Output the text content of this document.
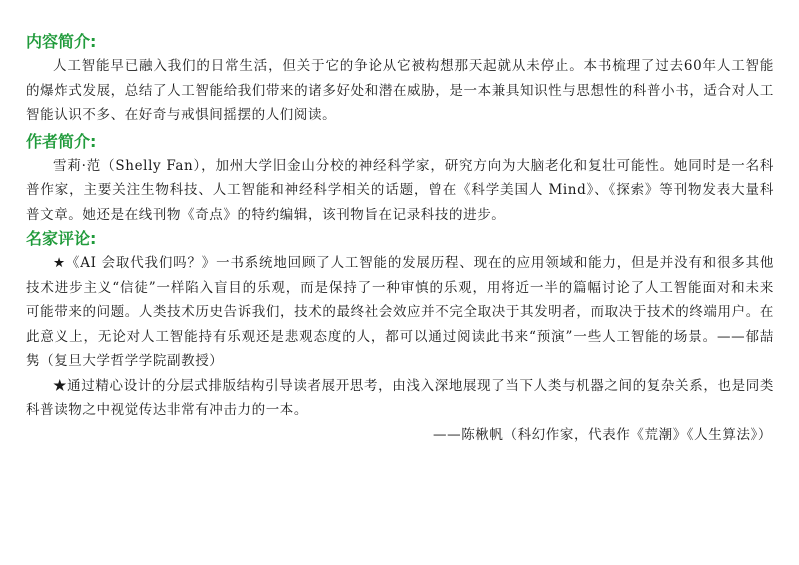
内容简介:

人工智能早已融入我们的日常生活，但关于它的争论从它被构想那天起就从未停止。本书梳理了过去60年人工智能的爆炸式发展，总结了人工智能给我们带来的诸多好处和潜在威胁，是一本兼具知识性与思想性的科普小书，适合对人工智能认识不多、在好奇与戒惧间摇摆的人们阅读。

作者简介:

雪莉·范（Shelly Fan），加州大学旧金山分校的神经科学家，研究方向为大脑老化和复壮可能性。她同时是一名科普作家，主要关注生物科技、人工智能和神经科学相关的话题，曾在《科学美国人 Mind》、《探索》等刊物发表大量科普文章。她还是在线刊物《奇点》的特约编辑，该刊物旨在记录科技的进步。

名家评论:

★《AI 会取代我们吗？》一书系统地回顾了人工智能的发展历程、现在的应用领域和能力，但是并没有和很多其他技术进步主义“信徒”一样陷入盲目的乐观，而是保持了一种审慎的乐观，用将近一半的篇幅讨论了人工智能面对和未来可能带来的问题。人类技术历史告诉我们，技术的最终社会效应并不完全取决于其发明者，而取决于技术的终端用户。在此意义上，无论对人工智能持有乐观还是悲观态度的人，都可以通过阅读此书来“预演”一些人工智能的场景。——郁喆隽（复旦大学哲学学院副教授）

★通过精心设计的分层式排版结构引导读者展开思考，由浅入深地展现了当下人类与机器之间的复杂关系，也是同类科普读物之中视觉传达非常有冲击力的一本。

——陈楸帆（科幻作家，代表作《荒潮》《人生算法》）
